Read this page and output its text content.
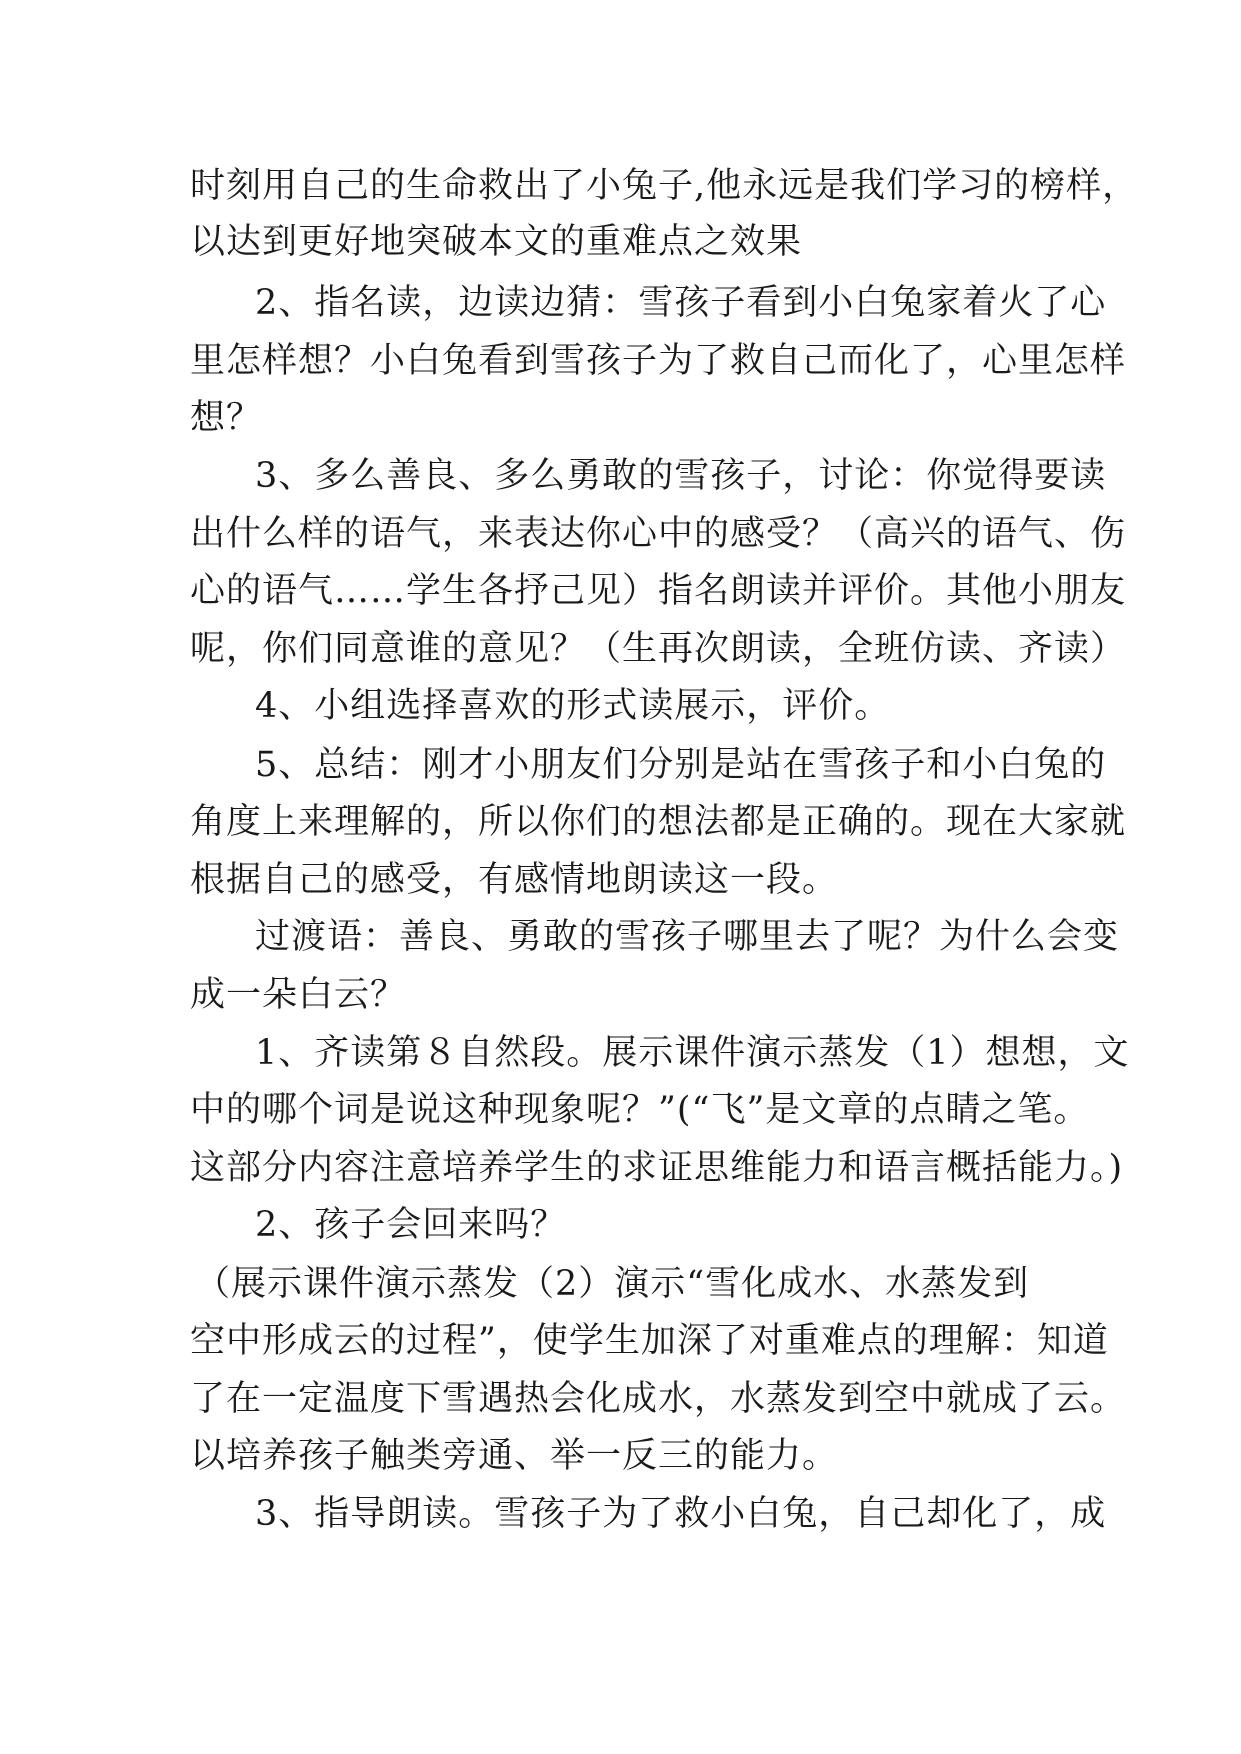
时刻用自己的生命救出了小兔子,他永远是我们学习的榜样，
以达到更好地突破本文的重难点之效果
2、指名读，边读边猜：雪孩子看到小白兔家着火了心
里怎样想？小白兔看到雪孩子为了救自己而化了，心里怎样
想？
3、多么善良、多么勇敢的雪孩子，讨论：你觉得要读
出什么样的语气，来表达你心中的感受？（高兴的语气、伤
心的语气……学生各抒己见）指名朗读并评价。其他小朋友
呢，你们同意谁的意见？（生再次朗读，全班仿读、齐读）
4、小组选择喜欢的形式读展示，评价。
5、总结：刚才小朋友们分别是站在雪孩子和小白兔的
角度上来理解的，所以你们的想法都是正确的。现在大家就
根据自己的感受，有感情地朗读这一段。
过渡语：善良、勇敢的雪孩子哪里去了呢？为什么会变
成一朵白云？
1、齐读第８自然段。展示课件演示蒸发（1）想想，文
中的哪个词是说这种现象呢？”(“飞”是文章的点睛之笔。
这部分内容注意培养学生的求证思维能力和语言概括能力。)
2、孩子会回来吗？
（展示课件演示蒸发（2）演示“雪化成水、水蒸发到
空中形成云的过程”，使学生加深了对重难点的理解：知道
了在一定温度下雪遇热会化成水，水蒸发到空中就成了云。
以培养孩子触类旁通、举一反三的能力。
3、指导朗读。雪孩子为了救小白兔，自己却化了，成
